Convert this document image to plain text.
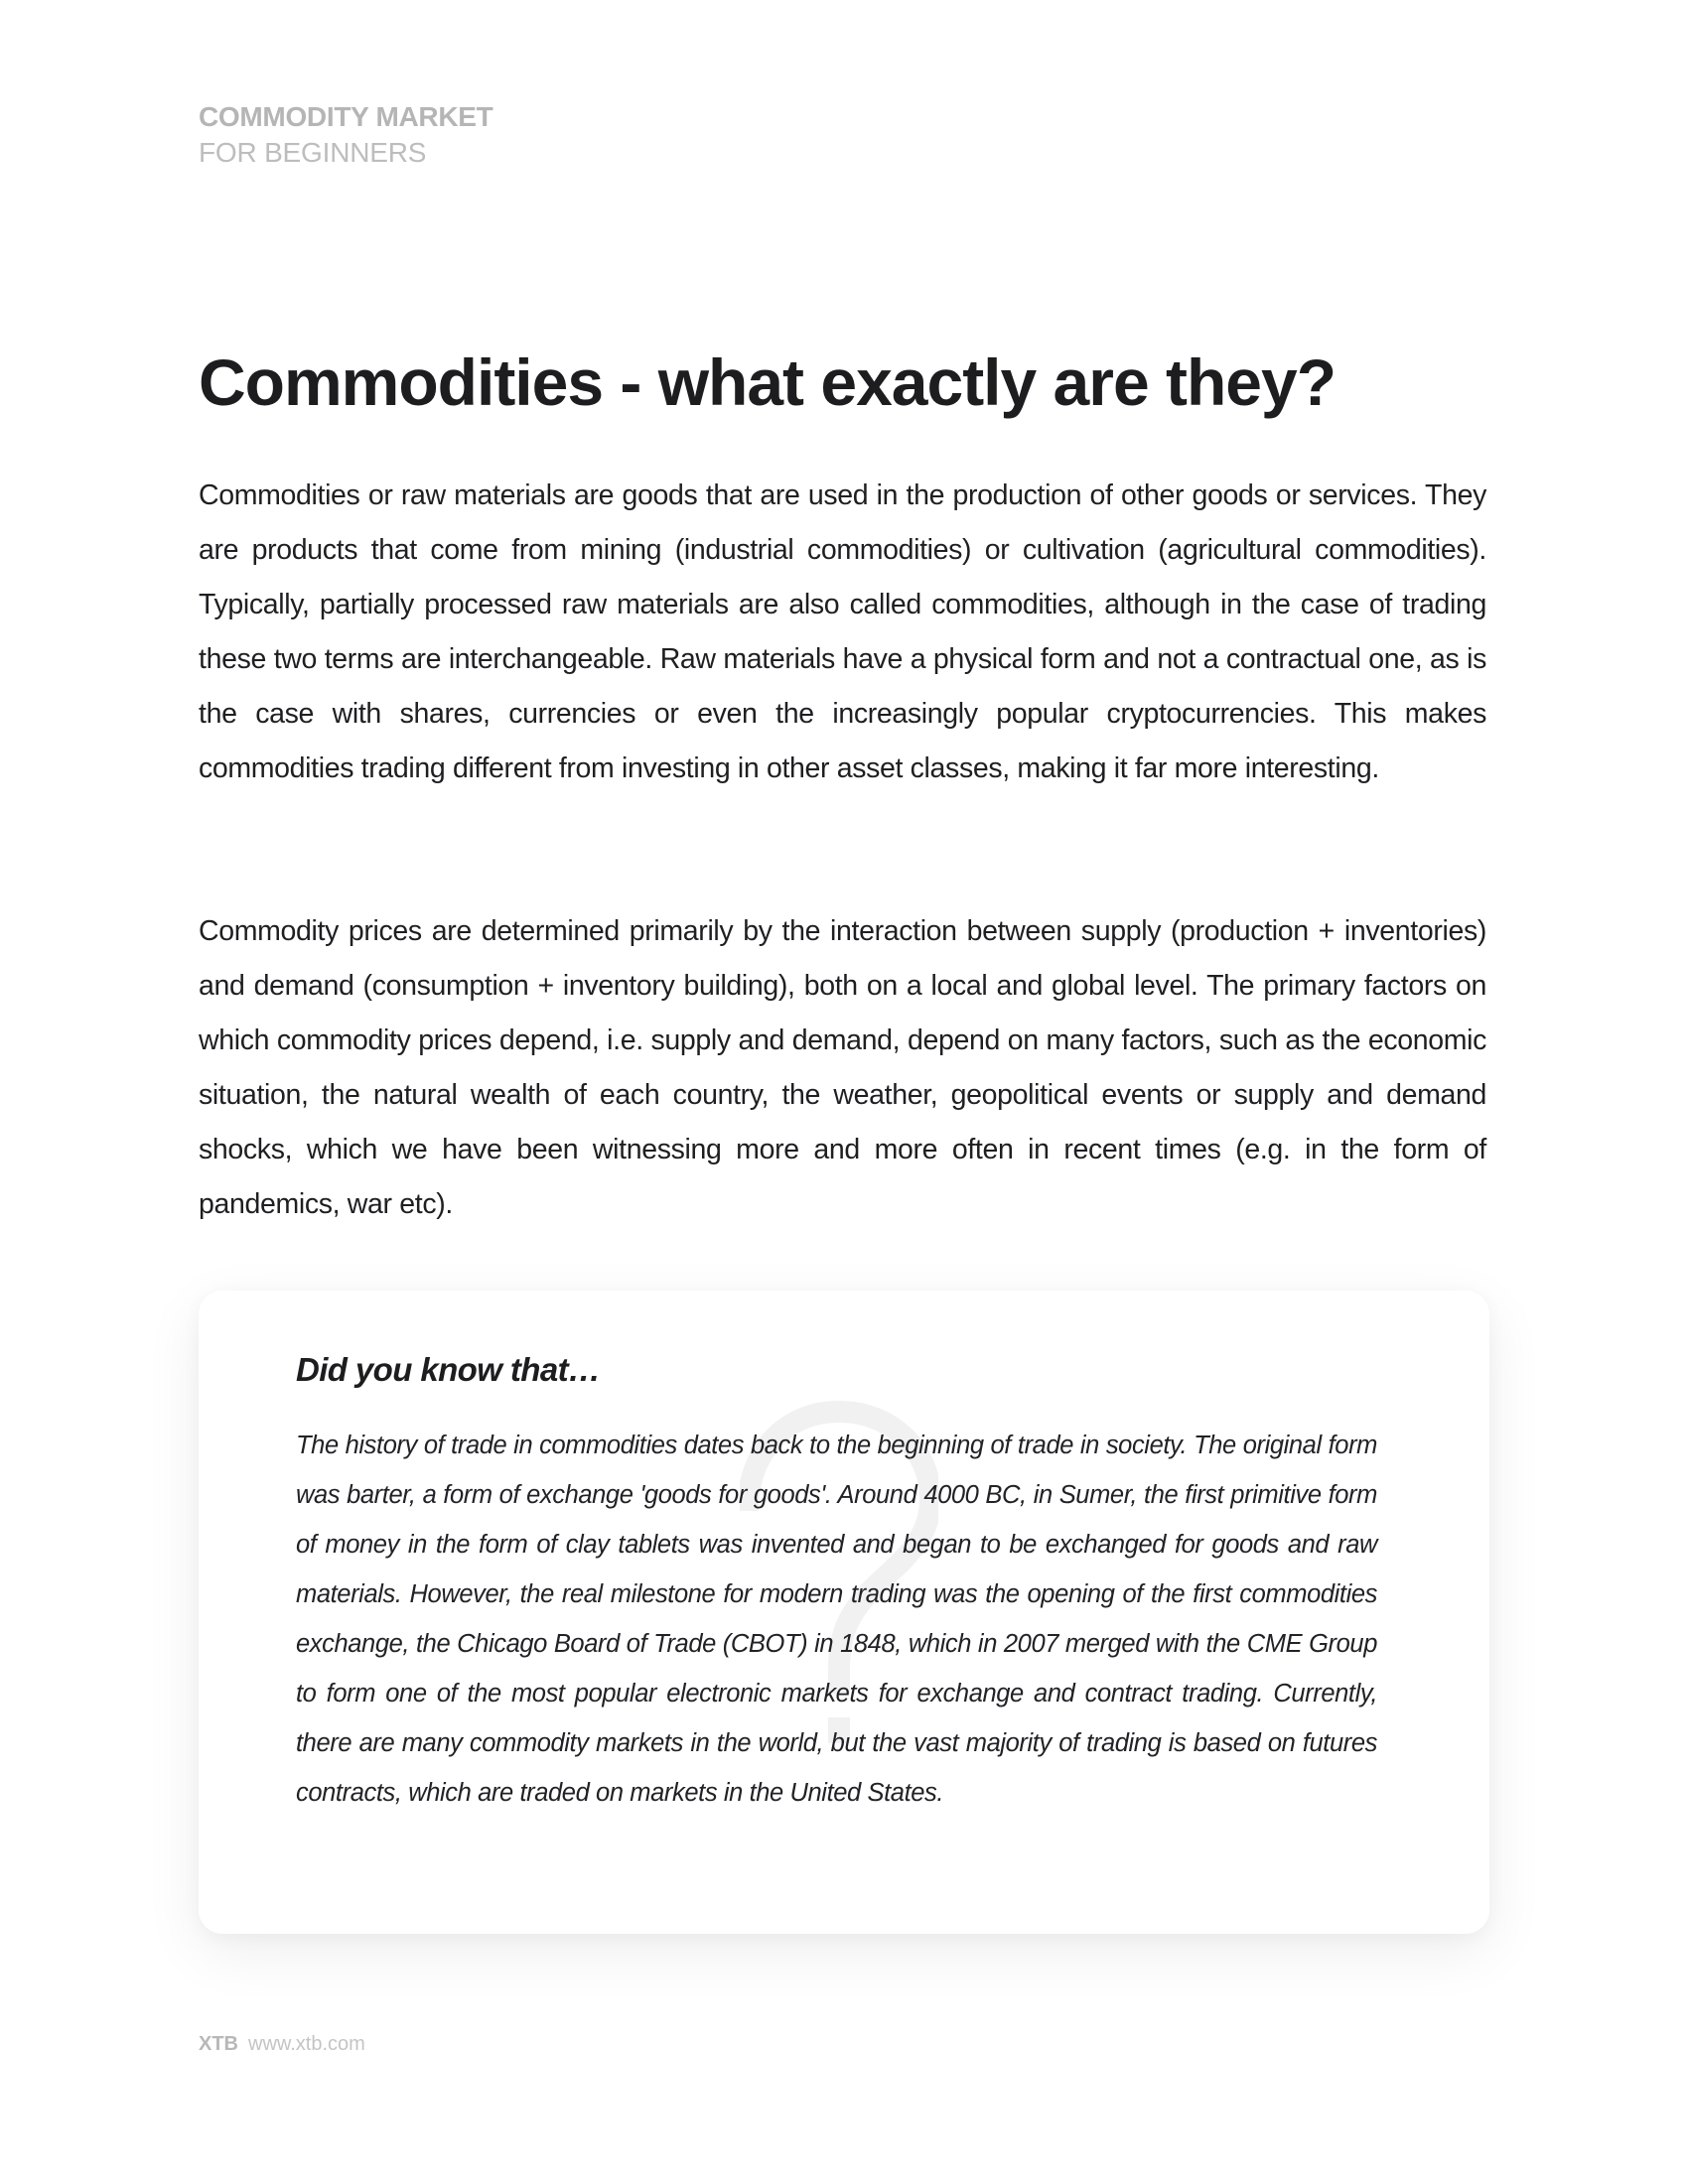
COMMODITY MARKET
FOR BEGINNERS
Commodities - what exactly are they?

Commodities or raw materials are goods that are used in the production of other goods or services. They are products that come from mining (industrial commodities) or cultivation (agricultural commodities). Typically, partially processed raw materials are also called commodities, although in the case of trading these two terms are interchangeable. Raw materials have a physical form and not a contractual one, as is the case with shares, currencies or even the increasingly popular cryptocurrencies. This makes commodities trading different from investing in other asset classes, making it far more interesting.

Commodity prices are determined primarily by the interaction between supply (production + inventories) and demand (consumption + inventory building), both on a local and global level. The primary factors on which commodity prices depend, i.e. supply and demand, depend on many factors, such as the economic situation, the natural wealth of each country, the weather, geopolitical events or supply and demand shocks, which we have been witnessing more and more often in recent times (e.g. in the form of pandemics, war etc).

Did you know that…

The history of trade in commodities dates back to the beginning of trade in society. The original form was barter, a form of exchange 'goods for goods'. Around 4000 BC, in Sumer, the first primitive form of money in the form of clay tablets was invented and began to be exchanged for goods and raw materials. However, the real milestone for modern trading was the opening of the first commodities exchange, the Chicago Board of Trade (CBOT) in 1848, which in 2007 merged with the CME Group to form one of the most popular electronic markets for exchange and contract trading. Currently, there are many commodity markets in the world, but the vast majority of trading is based on futures contracts, which are traded on markets in the United States.

XTB www.xtb.com
